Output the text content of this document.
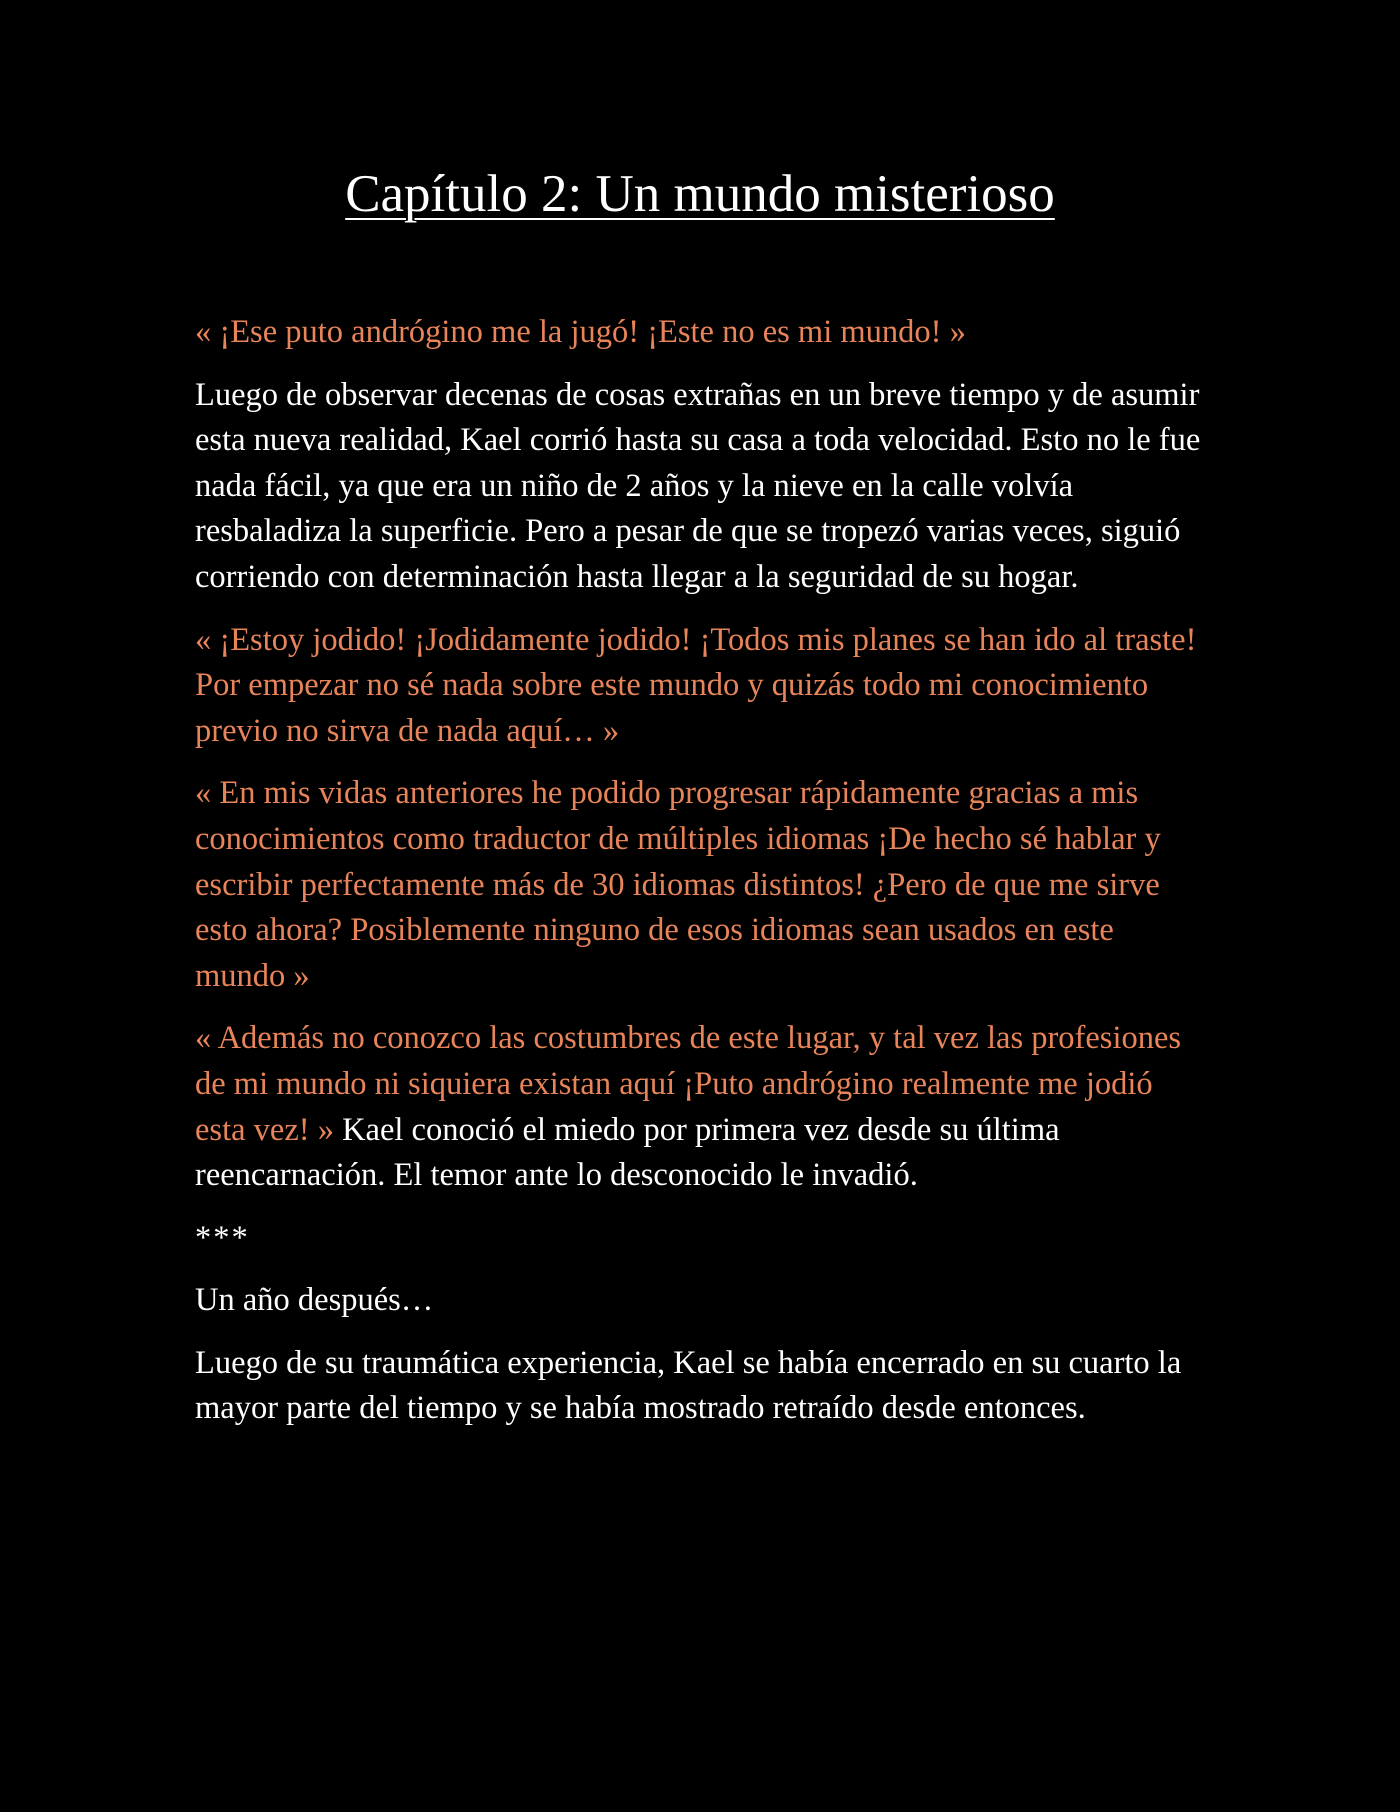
Capítulo 2: Un mundo misterioso

« ¡Ese puto andrógino me la jugó! ¡Este no es mi mundo! »

Luego de observar decenas de cosas extrañas en un breve tiempo y de asumir esta nueva realidad, Kael corrió hasta su casa a toda velocidad. Esto no le fue nada fácil, ya que era un niño de 2 años y la nieve en la calle volvía resbaladiza la superficie. Pero a pesar de que se tropezó varias veces, siguió corriendo con determinación hasta llegar a la seguridad de su hogar.

« ¡Estoy jodido! ¡Jodidamente jodido! ¡Todos mis planes se han ido al traste! Por empezar no sé nada sobre este mundo y quizás todo mi conocimiento previo no sirva de nada aquí… »

« En mis vidas anteriores he podido progresar rápidamente gracias a mis conocimientos como traductor de múltiples idiomas ¡De hecho sé hablar y escribir perfectamente más de 30 idiomas distintos! ¿Pero de que me sirve esto ahora? Posiblemente ninguno de esos idiomas sean usados en este mundo »

« Además no conozco las costumbres de este lugar, y tal vez las profesiones de mi mundo ni siquiera existan aquí ¡Puto andrógino realmente me jodió esta vez! » Kael conoció el miedo por primera vez desde su última reencarnación. El temor ante lo desconocido le invadió.

***

Un año después…

Luego de su traumática experiencia, Kael se había encerrado en su cuarto la mayor parte del tiempo y se había mostrado retraído desde entonces.
